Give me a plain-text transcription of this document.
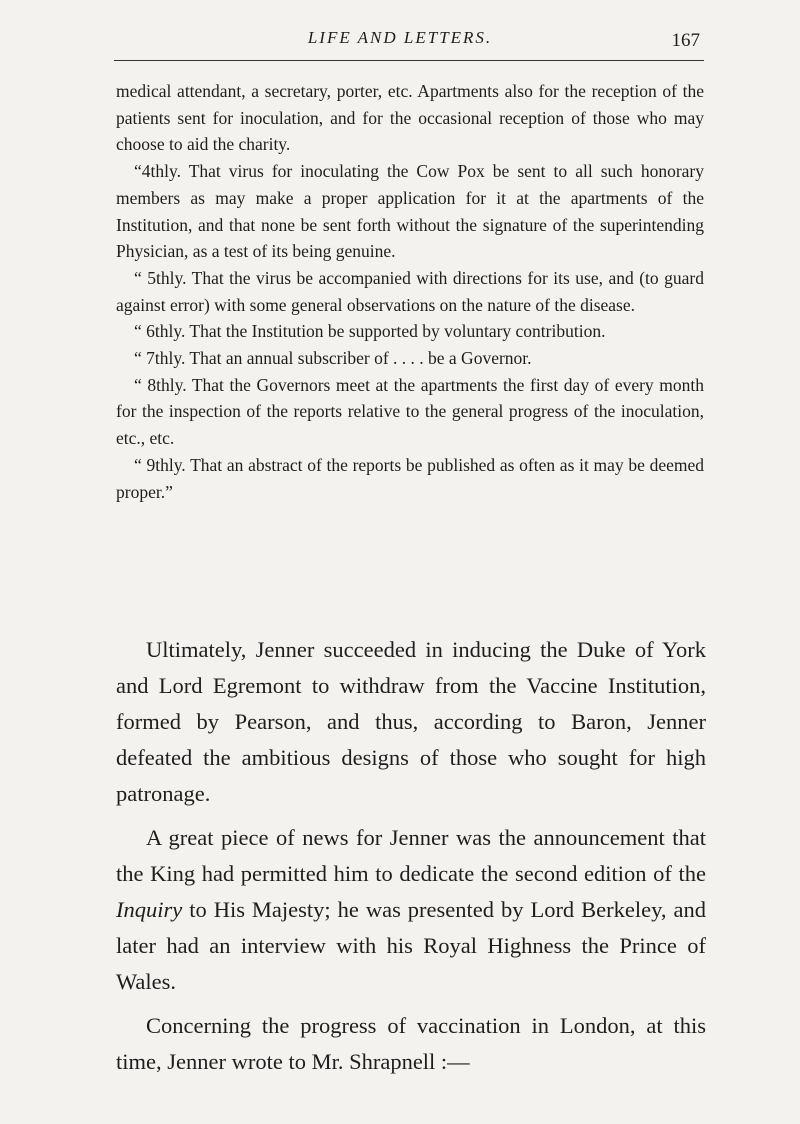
LIFE AND LETTERS.	167

medical attendant, a secretary, porter, etc. Apartments also for the reception of the patients sent for inoculation, and for the occasional reception of those who may choose to aid the charity.

“4thly. That virus for inoculating the Cow Pox be sent to all such honorary members as may make a proper application for it at the apartments of the Institution, and that none be sent forth without the signature of the superintending Physician, as a test of its being genuine.

“ 5thly. That the virus be accompanied with directions for its use, and (to guard against error) with some general observations on the nature of the disease.

“ 6thly. That the Institution be supported by voluntary contribution.

“ 7thly. That an annual subscriber of . . . . be a Governor.

“ 8thly. That the Governors meet at the apartments the first day of every month for the inspection of the reports relative to the general progress of the inoculation, etc., etc.

“ 9thly. That an abstract of the reports be published as often as it may be deemed proper.”

Ultimately, Jenner succeeded in inducing the Duke of York and Lord Egremont to withdraw from the Vaccine Institution, formed by Pearson, and thus, according to Baron, Jenner defeated the ambitious designs of those who sought for high patronage.

A great piece of news for Jenner was the announcement that the King had permitted him to dedicate the second edition of the Inquiry to His Majesty; he was presented by Lord Berkeley, and later had an interview with his Royal Highness the Prince of Wales.

Concerning the progress of vaccination in London, at this time, Jenner wrote to Mr. Shrapnell :—
